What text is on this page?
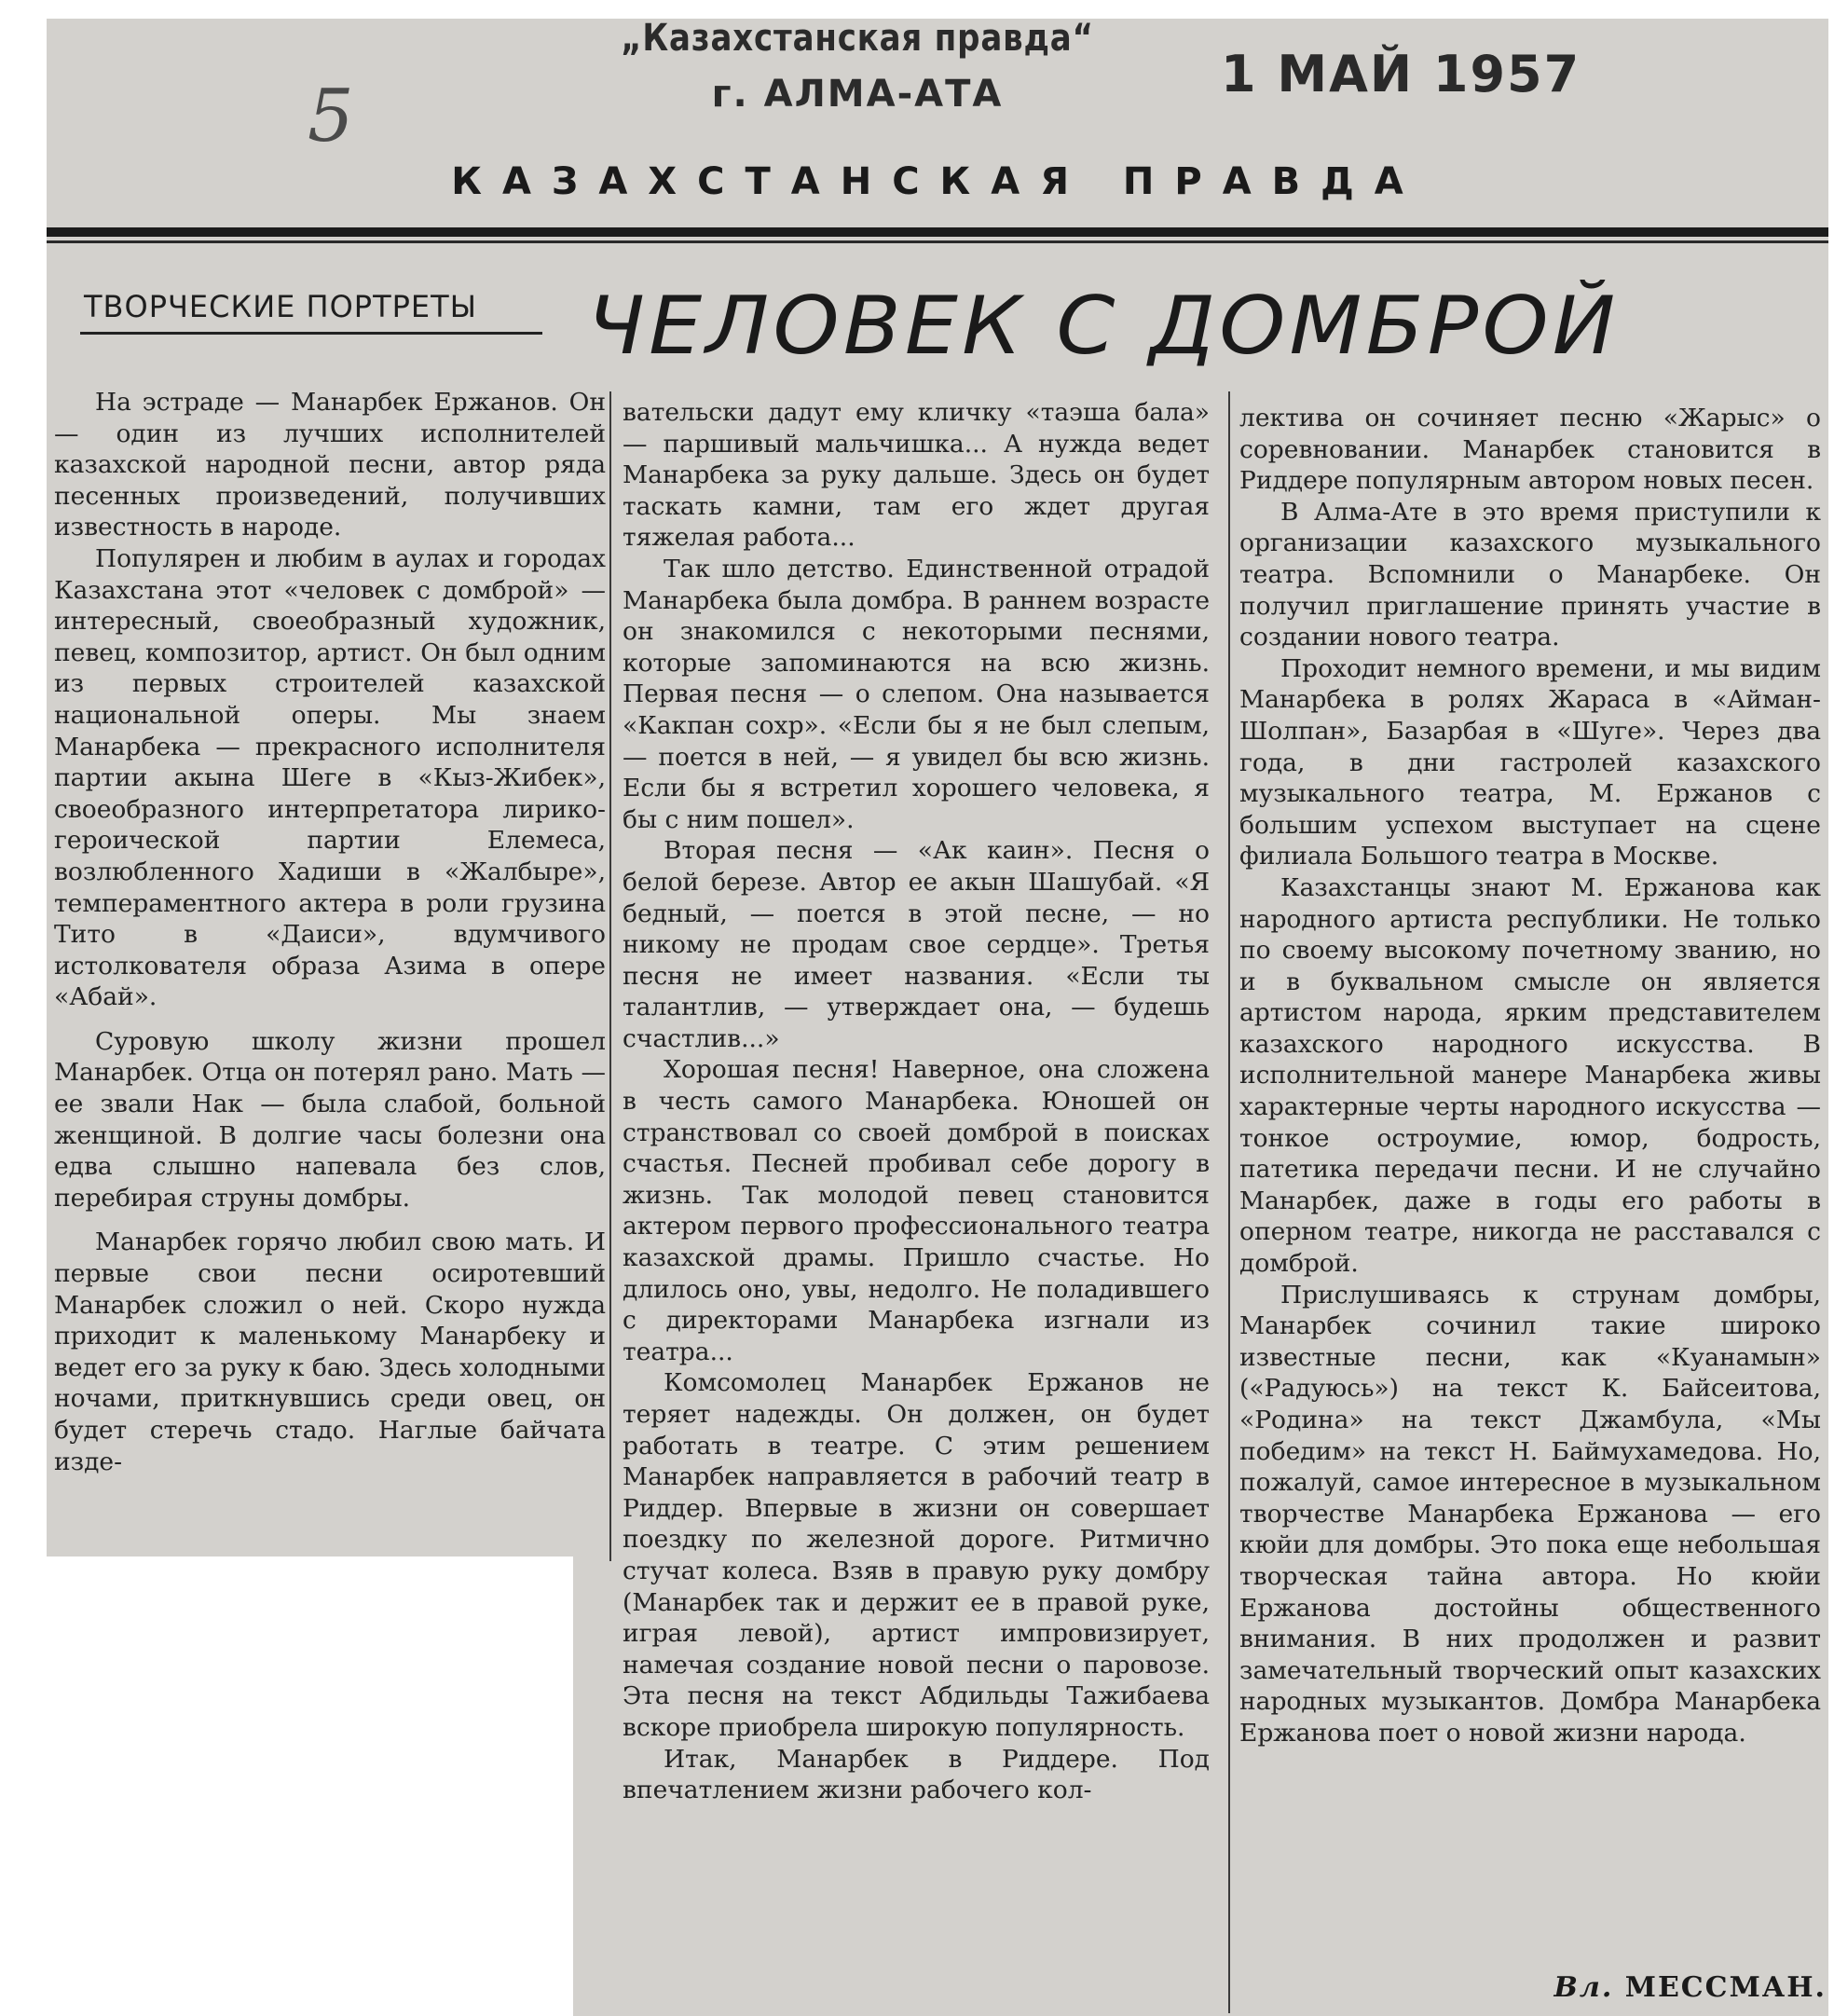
„Казахстанская правда“
г. АЛМА-АТА	1 МАЙ 1957
5
КАЗАХСТАНСКАЯ ПРАВДА
ТВОРЧЕСКИЕ ПОРТРЕТЫ	ЧЕЛОВЕК С ДОМБРОЙ

На эстраде — Манарбек Ержанов. Он — один из лучших исполнителей казахской народной песни, автор ряда песенных произведений, получивших известность в народе.

Популярен и любим в аулах и городах Казахстана этот «человек с домброй» — интересный, своеобразный художник, певец, композитор, артист. Он был одним из первых строителей казахской национальной оперы. Мы знаем Манарбека — прекрасного исполнителя партии акына Шеге в «Кыз-Жибек», своеобразного интерпретатора лирико-героической партии Елемеса, возлюбленного Хадиши в «Жалбыре», темпераментного актера в роли грузина Тито в «Даиси», вдумчивого истолкователя образа Азима в опере «Абай».

Суровую школу жизни прошел Манарбек. Отца он потерял рано. Мать — ее звали Нак — была слабой, больной женщиной. В долгие часы болезни она едва слышно напевала без слов, перебирая струны домбры.

Манарбек горячо любил свою мать. И первые свои песни осиротевший Манарбек сложил о ней. Скоро нужда приходит к маленькому Манарбеку и ведет его за руку к баю. Здесь холодными ночами, приткнувшись среди овец, он будет стеречь стадо. Наглые байчата изде-

вательски дадут ему кличку «таэша бала» — паршивый мальчишка... А нужда ведет Манарбека за руку дальше. Здесь он будет таскать камни, там его ждет другая тяжелая работа...

Так шло детство. Единственной отрадой Манарбека была домбра. В раннем возрасте он знакомился с некоторыми песнями, которые запоминаются на всю жизнь. Первая песня — о слепом. Она называется «Какпан сохр». «Если бы я не был слепым, — поется в ней, — я увидел бы всю жизнь. Если бы я встретил хорошего человека, я бы с ним пошел».

Вторая песня — «Ак каин». Песня о белой березе. Автор ее акын Шашубай. «Я бедный, — поется в этой песне, — но никому не продам свое сердце». Третья песня не имеет названия. «Если ты талантлив, — утверждает она, — будешь счастлив...»

Хорошая песня! Наверное, она сложена в честь самого Манарбека. Юношей он странствовал со своей домброй в поисках счастья. Песней пробивал себе дорогу в жизнь. Так молодой певец становится актером первого профессионального театра казахской драмы. Пришло счастье. Но длилось оно, увы, недолго. Не поладившего с директорами Манарбека изгнали из театра...

Комсомолец Манарбек Ержанов не теряет надежды. Он должен, он будет работать в театре. С этим решением Манарбек направляется в рабочий театр в Риддер. Впервые в жизни он совершает поездку по железной дороге. Ритмично стучат колеса. Взяв в правую руку домбру (Манарбек так и держит ее в правой руке, играя левой), артист импровизирует, намечая создание новой песни о паровозе. Эта песня на текст Абдильды Тажибаева вскоре приобрела широкую популярность.

Итак, Манарбек в Риддере. Под впечатлением жизни рабочего кол-

лектива он сочиняет песню «Жарыс» о соревновании. Манарбек становится в Риддере популярным автором новых песен.

В Алма-Ате в это время приступили к организации казахского музыкального театра. Вспомнили о Манарбеке. Он получил приглашение принять участие в создании нового театра.

Проходит немного времени, и мы видим Манарбека в ролях Жараса в «Айман-Шолпан», Базарбая в «Шуге». Через два года, в дни гастролей казахского музыкального театра, М. Ержанов с большим успехом выступает на сцене филиала Большого театра в Москве.

Казахстанцы знают М. Ержанова как народного артиста республики. Не только по своему высокому почетному званию, но и в буквальном смысле он является артистом народа, ярким представителем казахского народного искусства. В исполнительной манере Манарбека живы характерные черты народного искусства — тонкое остроумие, юмор, бодрость, патетика передачи песни. И не случайно Манарбек, даже в годы его работы в оперном театре, никогда не расставался с домброй.

Прислушиваясь к струнам домбры, Манарбек сочинил такие широко известные песни, как «Куанамын» («Радуюсь») на текст К. Байсеитова, «Родина» на текст Джамбула, «Мы победим» на текст Н. Баймухамедова. Но, пожалуй, самое интересное в музыкальном творчестве Манарбека Ержанова — его кюйи для домбры. Это пока еще небольшая творческая тайна автора. Но кюйи Ержанова достойны общественного внимания. В них продолжен и развит замечательный творческий опыт казахских народных музыкантов. Домбра Манарбека Ержанова поет о новой жизни народа.

Вл. МЕССМАН.
